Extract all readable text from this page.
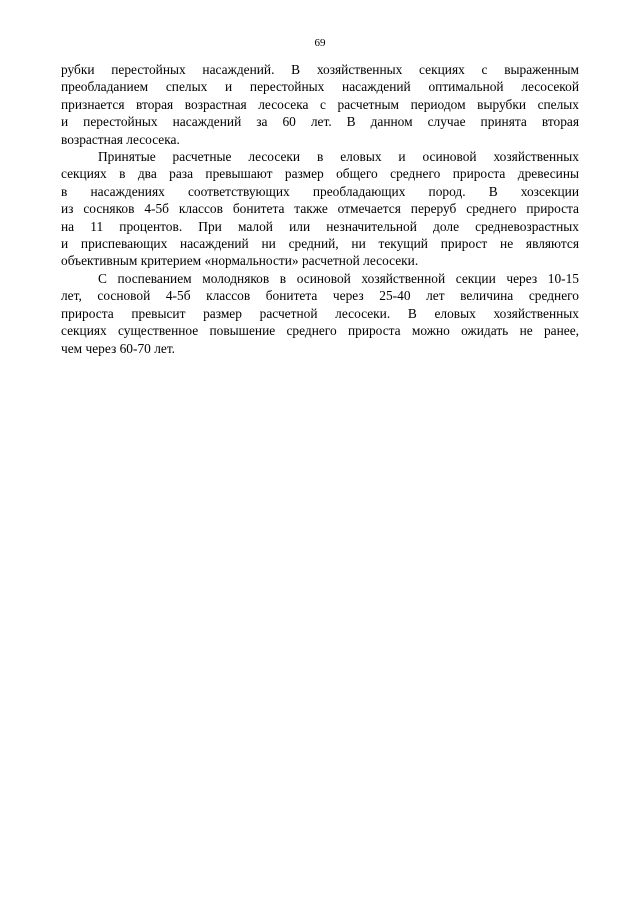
69

рубки перестойных насаждений. В хозяйственных секциях с выраженным
преобладанием спелых и перестойных насаждений оптимальной лесосекой
признается вторая возрастная лесосека с расчетным периодом вырубки спелых
и перестойных насаждений за 60 лет. В данном случае принята вторая
возрастная лесосека.

Принятые расчетные лесосеки в еловых и осиновой хозяйственных
секциях в два раза превышают размер общего среднего прироста древесины
в насаждениях соответствующих преобладающих пород. В хозсекции
из сосняков 4-5б классов бонитета также отмечается переруб среднего прироста
на 11 процентов. При малой или незначительной доле средневозрастных
и приспевающих насаждений ни средний, ни текущий прирост не являются
объективным критерием «нормальности» расчетной лесосеки.

С поспеванием молодняков в осиновой хозяйственной секции через 10-15
лет, сосновой 4-5б классов бонитета через 25-40 лет величина среднего
прироста превысит размер расчетной лесосеки. В еловых хозяйственных
секциях существенное повышение среднего прироста можно ожидать не ранее,
чем через 60-70 лет.
